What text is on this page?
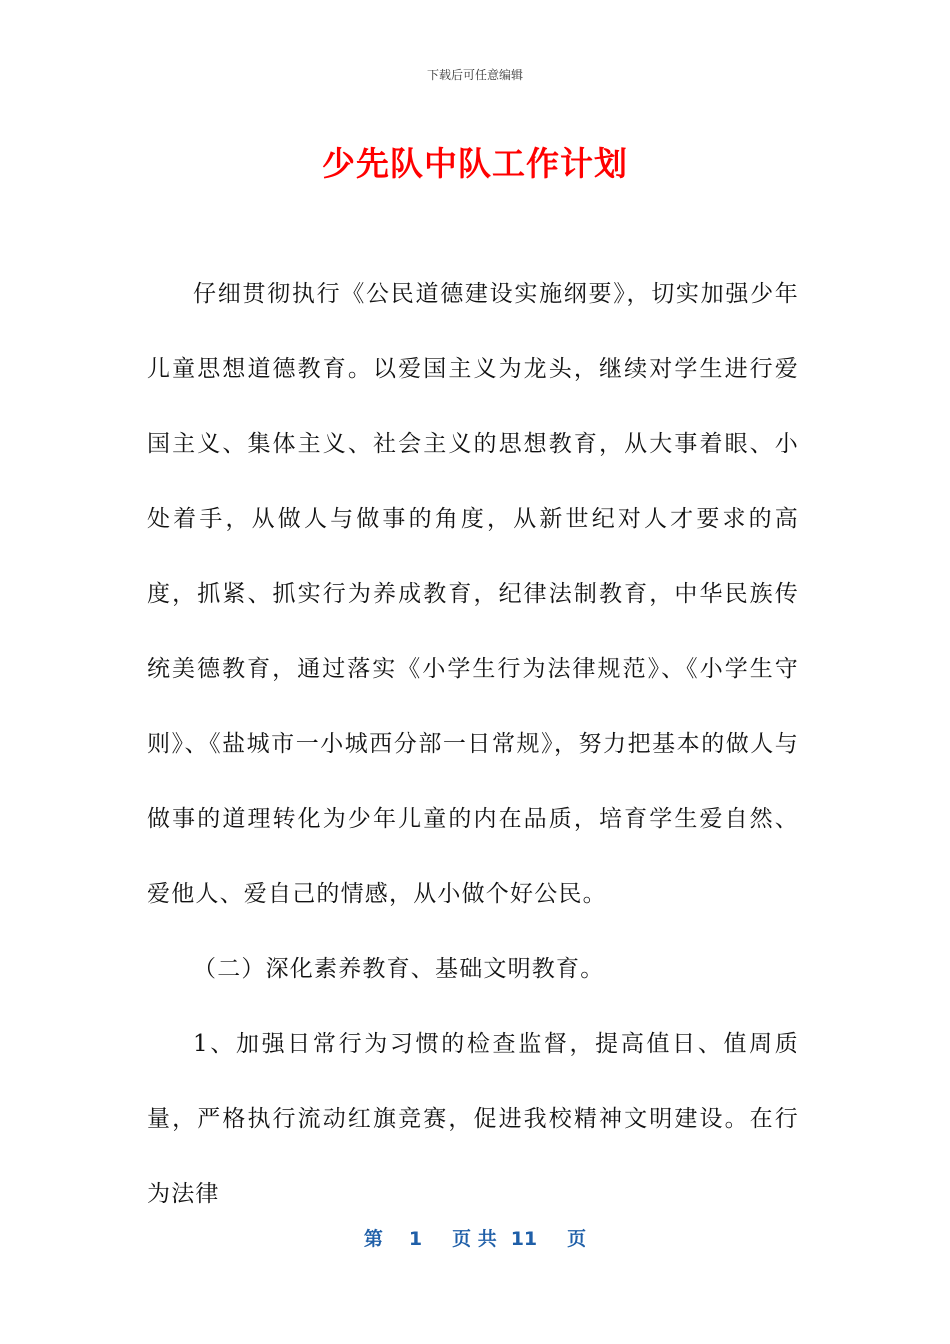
下载后可任意编辑
少先队中队工作计划

仔细贯彻执行《公民道德建设实施纲要》，切实加强少年儿童思想道德教育。以爱国主义为龙头，继续对学生进行爱国主义、集体主义、社会主义的思想教育，从大事着眼、小处着手，从做人与做事的角度，从新世纪对人才要求的高度，抓紧、抓实行为养成教育，纪律法制教育，中华民族传统美德教育，通过落实《小学生行为法律规范》、《小学生守则》、《盐城市一小城西分部一日常规》，努力把基本的做人与做事的道理转化为少年儿童的内在品质，培育学生爱自然、爱他人、爱自己的情感，从小做个好公民。

（二）深化素养教育、基础文明教育。

1、加强日常行为习惯的检查监督，提高值日、值周质量，严格执行流动红旗竞赛，促进我校精神文明建设。在行为法律

第 1 页 共 11 页
